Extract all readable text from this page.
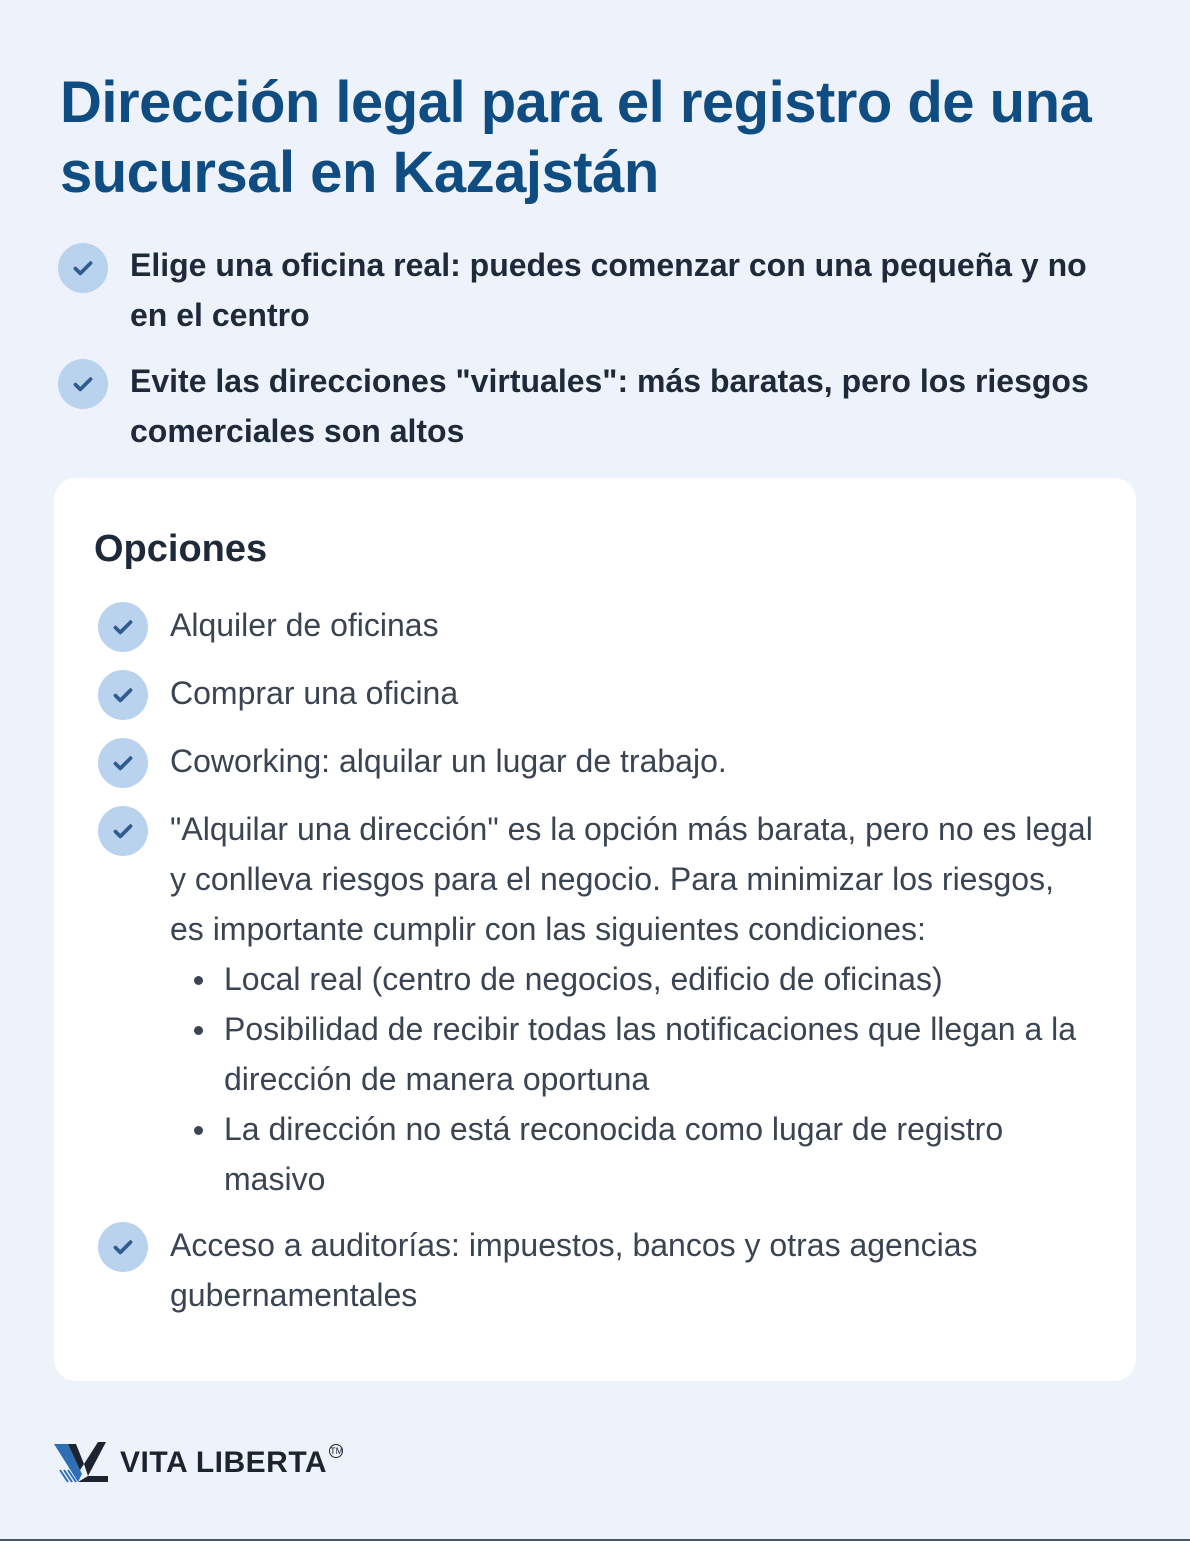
Dirección legal para el registro de una sucursal en Kazajstán
Elige una oficina real: puedes comenzar con una pequeña y no en el centro
Evite las direcciones "virtuales": más baratas, pero los riesgos comerciales son altos
Opciones
Alquiler de oficinas
Comprar una oficina
Coworking: alquilar un lugar de trabajo.
"Alquilar una dirección" es la opción más barata, pero no es legal y conlleva riesgos para el negocio. Para minimizar los riesgos, es importante cumplir con las siguientes condiciones:
Local real (centro de negocios, edificio de oficinas)
Posibilidad de recibir todas las notificaciones que llegan a la dirección de manera oportuna
La dirección no está reconocida como lugar de registro masivo
Acceso a auditorías: impuestos, bancos y otras agencias gubernamentales
VITA LIBERTA TM
